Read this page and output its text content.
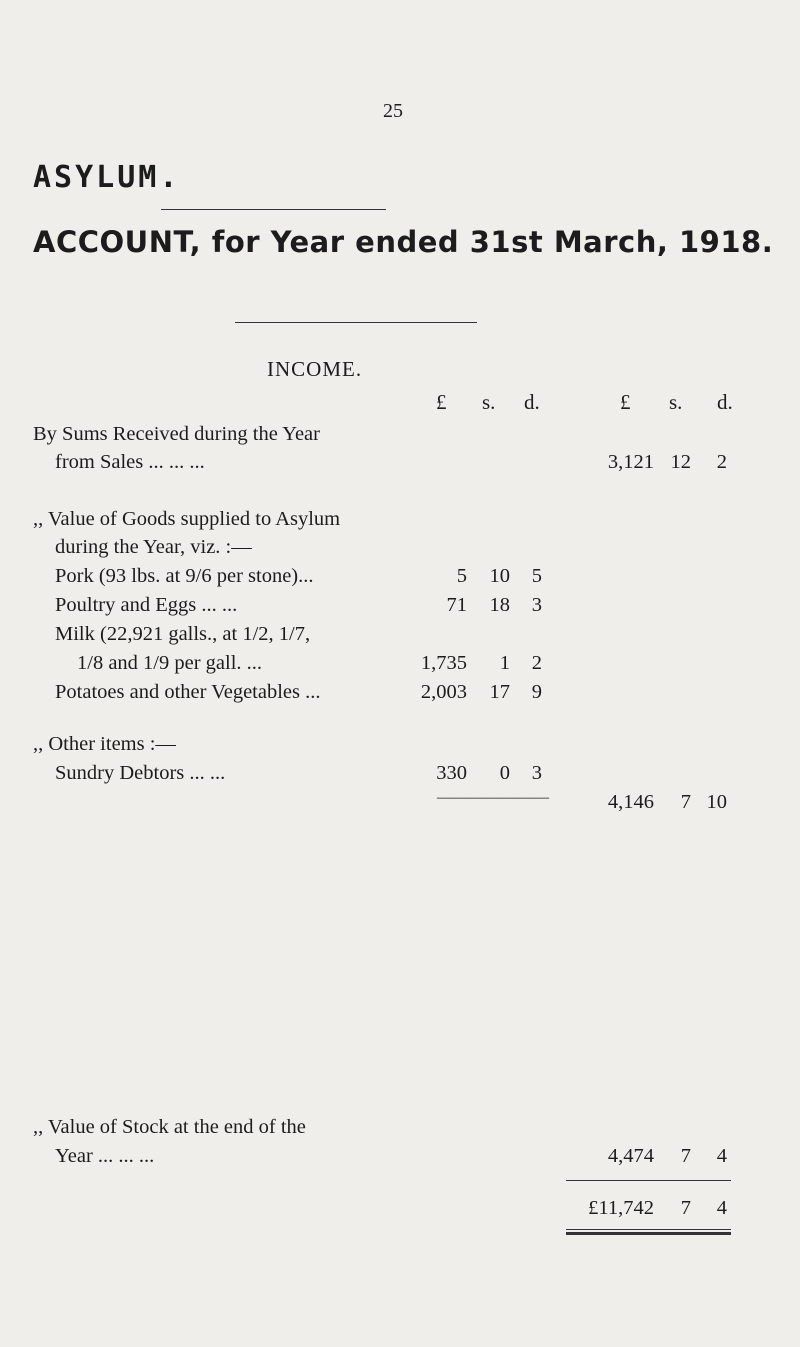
25
ASYLUM.
ACCOUNT, for Year ended 31st March, 1918.
INCOME.
£ s. d.	£ s. d.
By Sums Received during the Year
from Sales ... ... ...	3,121 12 2
,, Value of Goods supplied to Asylum
during the Year, viz. :—
Pork (93 lbs. at 9/6 per stone)...	5 10 5
Poultry and Eggs ... ...	71 18 3
Milk (22,921 galls., at 1/2, 1/7,
1/8 and 1/9 per gall. ...	1,735 1 2
Potatoes and other Vegetables ...	2,003 17 9
,, Other items :—
Sundry Debtors ... ...	330 0 3
———————	4,146 7 10
,, Value of Stock at the end of the
Year ... ... ...	4,474 7 4
£11,742 7 4
